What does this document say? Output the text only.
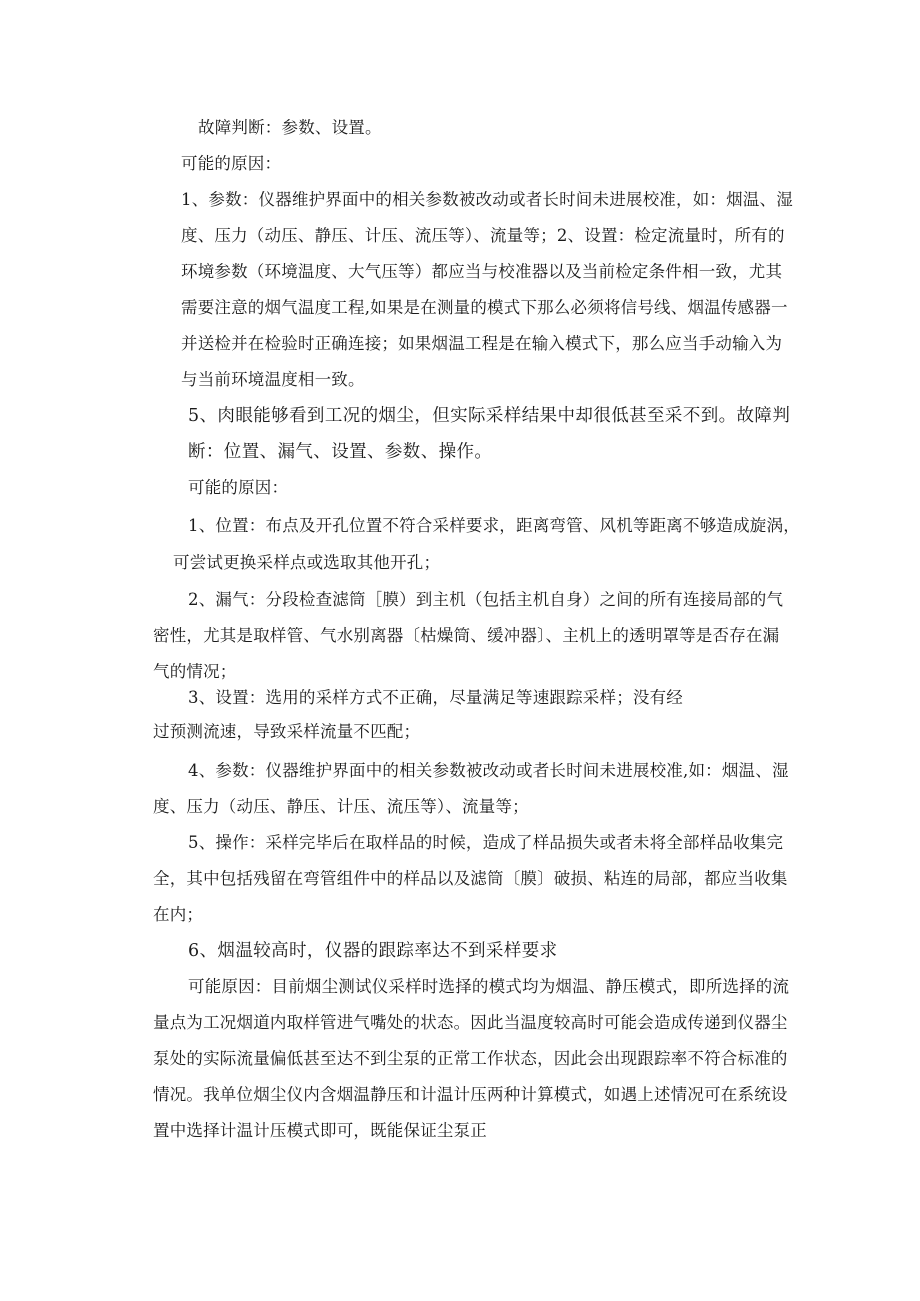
故障判断：参数、设置。
可能的原因：
1、参数：仪器维护界面中的相关参数被改动或者长时间未进展校准，如：烟温、湿
度、压力（动压、静压、计压、流压等）、流量等；2、设置：检定流量时，所有的
环境参数（环境温度、大气压等）都应当与校准器以及当前检定条件相一致，尤其
需要注意的烟气温度工程,如果是在测量的模式下那么必须将信号线、烟温传感器一
并送检并在检验时正确连接；如果烟温工程是在输入模式下，那么应当手动输入为
与当前环境温度相一致。
5、肉眼能够看到工况的烟尘，但实际采样结果中却很低甚至采不到。故障判
断：位置、漏气、设置、参数、操作。
可能的原因：
1、位置：布点及开孔位置不符合采样要求，距离弯管、风机等距离不够造成旋涡，
可尝试更换采样点或选取其他开孔；
2、漏气：分段检查滤筒［膜）到主机（包括主机自身）之间的所有连接局部的气
密性，尤其是取样管、气水别离器〔枯燥筒、缓冲器〕、主机上的透明罩等是否存在漏
气的情况；
3、设置：选用的采样方式不正确，尽量满足等速跟踪采样；没有经
过预测流速，导致采样流量不匹配；
4、参数：仪器维护界面中的相关参数被改动或者长时间未进展校准,如：烟温、湿
度、压力（动压、静压、计压、流压等）、流量等；
5、操作：采样完毕后在取样品的时候，造成了样品损失或者未将全部样品收集完
全，其中包括残留在弯管组件中的样品以及滤筒〔膜〕破损、粘连的局部，都应当收集
在内；
6、烟温较高时，仪器的跟踪率达不到采样要求
可能原因：目前烟尘测试仪采样时选择的模式均为烟温、静压模式，即所选择的流
量点为工况烟道内取样管进气嘴处的状态。因此当温度较高时可能会造成传递到仪器尘
泵处的实际流量偏低甚至达不到尘泵的正常工作状态，因此会出现跟踪率不符合标准的
情况。我单位烟尘仪内含烟温静压和计温计压两种计算模式，如遇上述情况可在系统设
置中选择计温计压模式即可，既能保证尘泵正
